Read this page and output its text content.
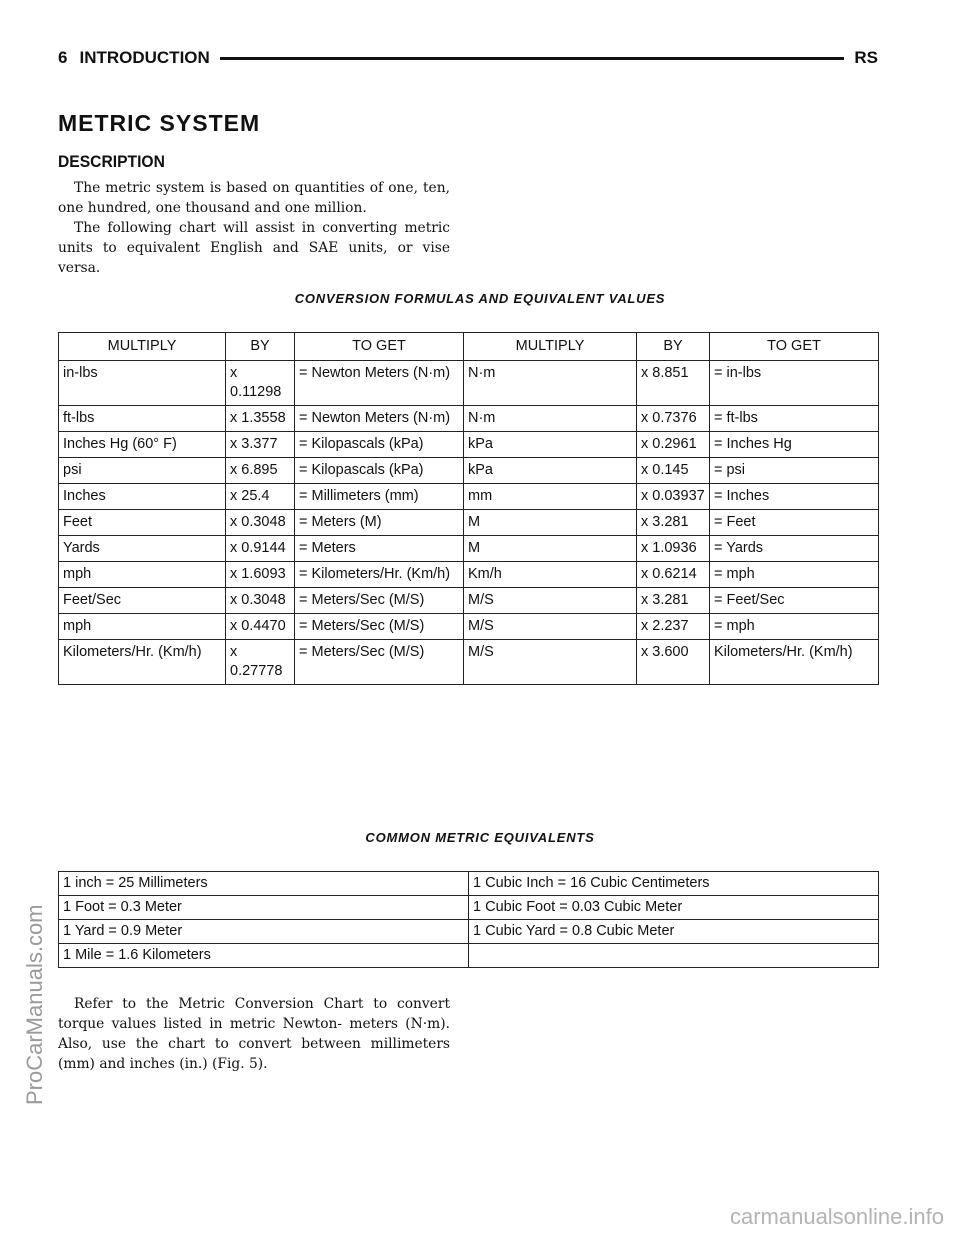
6 INTRODUCTION	RS
METRIC SYSTEM
DESCRIPTION

The metric system is based on quantities of one, ten, one hundred, one thousand and one million.

The following chart will assist in converting metric units to equivalent English and SAE units, or vise versa.

CONVERSION FORMULAS AND EQUIVALENT VALUES
MULTIPLY	BY	TO GET	MULTIPLY	BY	TO GET
in-lbs	x 0.11298	= Newton Meters (N·m)	N·m	x 8.851	= in-lbs
ft-lbs	x 1.3558	= Newton Meters (N·m)	N·m	x 0.7376	= ft-lbs
Inches Hg (60° F)	x 3.377	= Kilopascals (kPa)	kPa	x 0.2961	= Inches Hg
psi	x 6.895	= Kilopascals (kPa)	kPa	x 0.145	= psi
Inches	x 25.4	= Millimeters (mm)	mm	x 0.03937	= Inches
Feet	x 0.3048	= Meters (M)	M	x 3.281	= Feet
Yards	x 0.9144	= Meters	M	x 1.0936	= Yards
mph	x 1.6093	= Kilometers/Hr. (Km/h)	Km/h	x 0.6214	= mph
Feet/Sec	x 0.3048	= Meters/Sec (M/S)	M/S	x 3.281	= Feet/Sec
mph	x 0.4470	= Meters/Sec (M/S)	M/S	x 2.237	= mph
Kilometers/Hr. (Km/h)	x 0.27778	= Meters/Sec (M/S)	M/S	x 3.600	Kilometers/Hr. (Km/h)
COMMON METRIC EQUIVALENTS
1 inch = 25 Millimeters	1 Cubic Inch = 16 Cubic Centimeters
1 Foot = 0.3 Meter	1 Cubic Foot = 0.03 Cubic Meter
1 Yard = 0.9 Meter	1 Cubic Yard = 0.8 Cubic Meter
1 Mile = 1.6 Kilometers	

Refer to the Metric Conversion Chart to convert torque values listed in metric Newton- meters (N·m). Also, use the chart to convert between millimeters (mm) and inches (in.) (Fig. 5).

ProCarManuals.com
carmanualsonline.info
